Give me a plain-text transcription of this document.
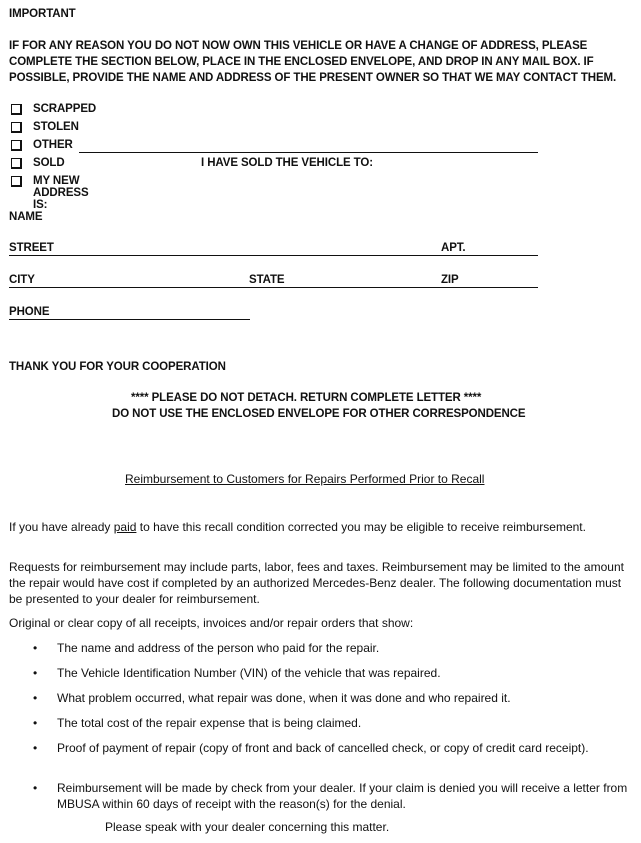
IMPORTANT
IF FOR ANY REASON YOU DO NOT NOW OWN THIS VEHICLE OR HAVE A CHANGE OF ADDRESS, PLEASE COMPLETE THE SECTION BELOW, PLACE IN THE ENCLOSED ENVELOPE, AND DROP IN ANY MAIL BOX. IF POSSIBLE, PROVIDE THE NAME AND ADDRESS OF THE PRESENT OWNER SO THAT WE MAY CONTACT THEM.
SCRAPPED
STOLEN
OTHER
SOLD	I HAVE SOLD THE VEHICLE TO:
MY NEW ADDRESS IS:
NAME
STREET	APT.
CITY	STATE	ZIP
PHONE
THANK YOU FOR YOUR COOPERATION
**** PLEASE DO NOT DETACH. RETURN COMPLETE LETTER ****
DO NOT USE THE ENCLOSED ENVELOPE FOR OTHER CORRESPONDENCE
Reimbursement to Customers for Repairs Performed Prior to Recall
If you have already paid to have this recall condition corrected you may be eligible to receive reimbursement.
Requests for reimbursement may include parts, labor, fees and taxes. Reimbursement may be limited to the amount the repair would have cost if completed by an authorized Mercedes-Benz dealer. The following documentation must be presented to your dealer for reimbursement.
Original or clear copy of all receipts, invoices and/or repair orders that show:
• The name and address of the person who paid for the repair.
• The Vehicle Identification Number (VIN) of the vehicle that was repaired.
• What problem occurred, what repair was done, when it was done and who repaired it.
• The total cost of the repair expense that is being claimed.
• Proof of payment of repair (copy of front and back of cancelled check, or copy of credit card receipt).
• Reimbursement will be made by check from your dealer. If your claim is denied you will receive a letter from MBUSA within 60 days of receipt with the reason(s) for the denial.
Please speak with your dealer concerning this matter.
